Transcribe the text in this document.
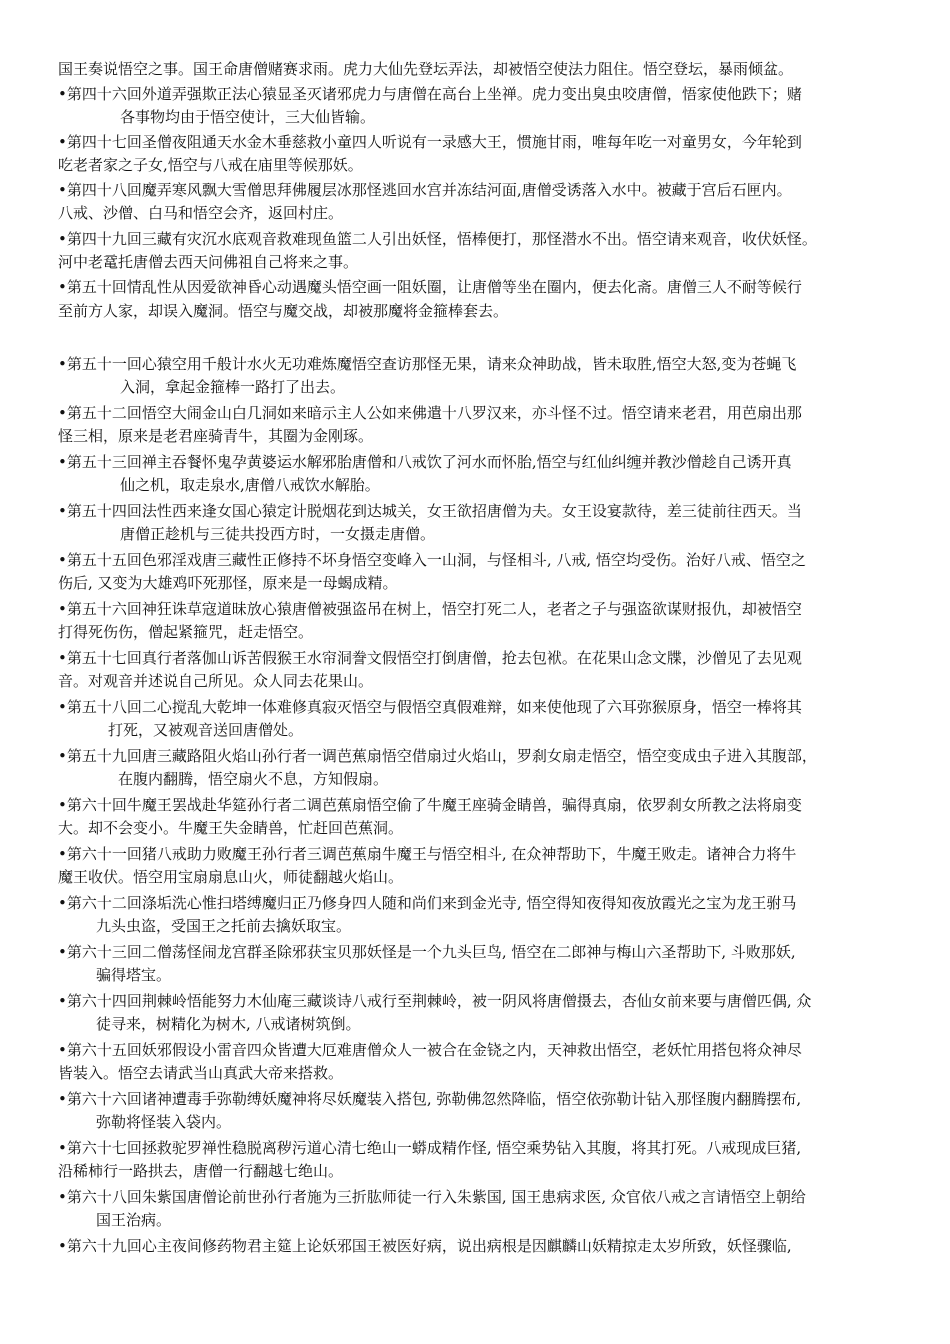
国王奏说悟空之事。国王命唐僧赌赛求雨。虎力大仙先登坛弄法，却被悟空使法力阻住。悟空登坛，暴雨倾盆。
•第四十六回外道弄强欺正法心猿显圣灭诸邪虎力与唐僧在高台上坐禅。虎力变出臭虫咬唐僧，悟家使他跌下；赌
各事物均由于悟空使计，三大仙皆输。
•第四十七回圣僧夜阻通天水金木垂慈救小童四人听说有一录感大王，惯施甘雨，唯每年吃一对童男女，今年轮到
吃老者家之子女,悟空与八戒在庙里等候那妖。
•第四十八回魔弄寒风飘大雪僧思拜佛履层冰那怪逃回水宫并冻结河面,唐僧受诱落入水中。被藏于宫后石匣内。
八戒、沙僧、白马和悟空会齐，返回村庄。
•第四十九回三藏有灾沉水底观音救难现鱼篮二人引出妖怪，悟棒便打，那怪潜水不出。悟空请来观音，收伏妖怪。
河中老鼋托唐僧去西天问佛祖自己将来之事。
•第五十回情乱性从因爱欲神昏心动遇魔头悟空画一阻妖圈，让唐僧等坐在圈内，便去化斋。唐僧三人不耐等候行
至前方人家，却误入魔洞。悟空与魔交战，却被那魔将金箍棒套去。
•第五十一回心猿空用千般计水火无功难炼魔悟空查访那怪无果，请来众神助战，皆未取胜,悟空大怒,变为苍蝇飞
入洞，拿起金箍棒一路打了出去。
•第五十二回悟空大闹金山白几洞如来暗示主人公如来佛遣十八罗汉来，亦斗怪不过。悟空请来老君，用芭扇出那
怪三相，原来是老君座骑青牛，其圈为金刚琢。
•第五十三回禅主吞餐怀鬼孕黄婆运水解邪胎唐僧和八戒饮了河水而怀胎,悟空与红仙纠缠并教沙僧趁自己诱开真
仙之机，取走泉水,唐僧八戒饮水解胎。
•第五十四回法性西来逢女国心猿定计脱烟花到达城关，女王欲招唐僧为夫。女王设宴款待，差三徒前往西天。当
唐僧正趁机与三徒共投西方时，一女摄走唐僧。
•第五十五回色邪淫戏唐三藏性正修持不坏身悟空变峰入一山洞，与怪相斗, 八戒, 悟空均受伤。治好八戒、悟空之
伤后, 又变为大雄鸡吓死那怪，原来是一母蝎成精。
•第五十六回神狂诛草寇道昧放心猿唐僧被强盗吊在树上，悟空打死二人，老者之子与强盗欲谋财报仇，却被悟空
打得死伤伤，僧起紧箍咒，赶走悟空。
•第五十七回真行者落伽山诉苦假猴王水帘洞誊文假悟空打倒唐僧，抢去包袱。在花果山念文牒，沙僧见了去见观
音。对观音并述说自己所见。众人同去花果山。
•第五十八回二心搅乱大乾坤一体难修真寂灭悟空与假悟空真假难辩，如来使他现了六耳弥猴原身，悟空一棒将其
打死，又被观音送回唐僧处。
•第五十九回唐三藏路阻火焰山孙行者一调芭蕉扇悟空借扇过火焰山，罗刹女扇走悟空，悟空变成虫子进入其腹部，
在腹内翻腾，悟空扇火不息，方知假扇。
•第六十回牛魔王罢战赴华筵孙行者二调芭蕉扇悟空偷了牛魔王座骑金睛兽，骗得真扇，依罗刹女所教之法将扇变
大。却不会变小。牛魔王失金睛兽，忙赶回芭蕉洞。
•第六十一回猪八戒助力败魔王孙行者三调芭蕉扇牛魔王与悟空相斗, 在众神帮助下，牛魔王败走。诸神合力将牛
魔王收伏。悟空用宝扇扇息山火，师徒翻越火焰山。
•第六十二回涤垢洗心惟扫塔缚魔归正乃修身四人随和尚们来到金光寺, 悟空得知夜得知夜放霞光之宝为龙王驸马
九头虫盗，受国王之托前去擒妖取宝。
•第六十三回二僧荡怪闹龙宫群圣除邪获宝贝那妖怪是一个九头巨鸟, 悟空在二郎神与梅山六圣帮助下, 斗败那妖,
骗得塔宝。
•第六十四回荆棘岭悟能努力木仙庵三藏谈诗八戒行至荆棘岭，被一阴风将唐僧摄去，杏仙女前来要与唐僧匹偶, 众
徒寻来，树精化为树木, 八戒诸树筑倒。
•第六十五回妖邪假设小雷音四众皆遭大厄难唐僧众人一被合在金铙之内，天神救出悟空，老妖忙用搭包将众神尽
皆装入。悟空去请武当山真武大帝来搭救。
•第六十六回诸神遭毒手弥勒缚妖魔神将尽妖魔装入搭包, 弥勒佛忽然降临，悟空依弥勒计钻入那怪腹内翻腾摆布,
弥勒将怪装入袋内。
•第六十七回拯救驼罗禅性稳脱离秽污道心清七绝山一蟒成精作怪, 悟空乘势钻入其腹，将其打死。八戒现成巨猪,
沿稀柿行一路拱去，唐僧一行翻越七绝山。
•第六十八回朱紫国唐僧论前世孙行者施为三折肱师徒一行入朱紫国, 国王患病求医, 众官依八戒之言请悟空上朝给
国王治病。
•第六十九回心主夜间修药物君主筵上论妖邪国王被医好病，说出病根是因麒麟山妖精掠走太岁所致，妖怪骤临,
